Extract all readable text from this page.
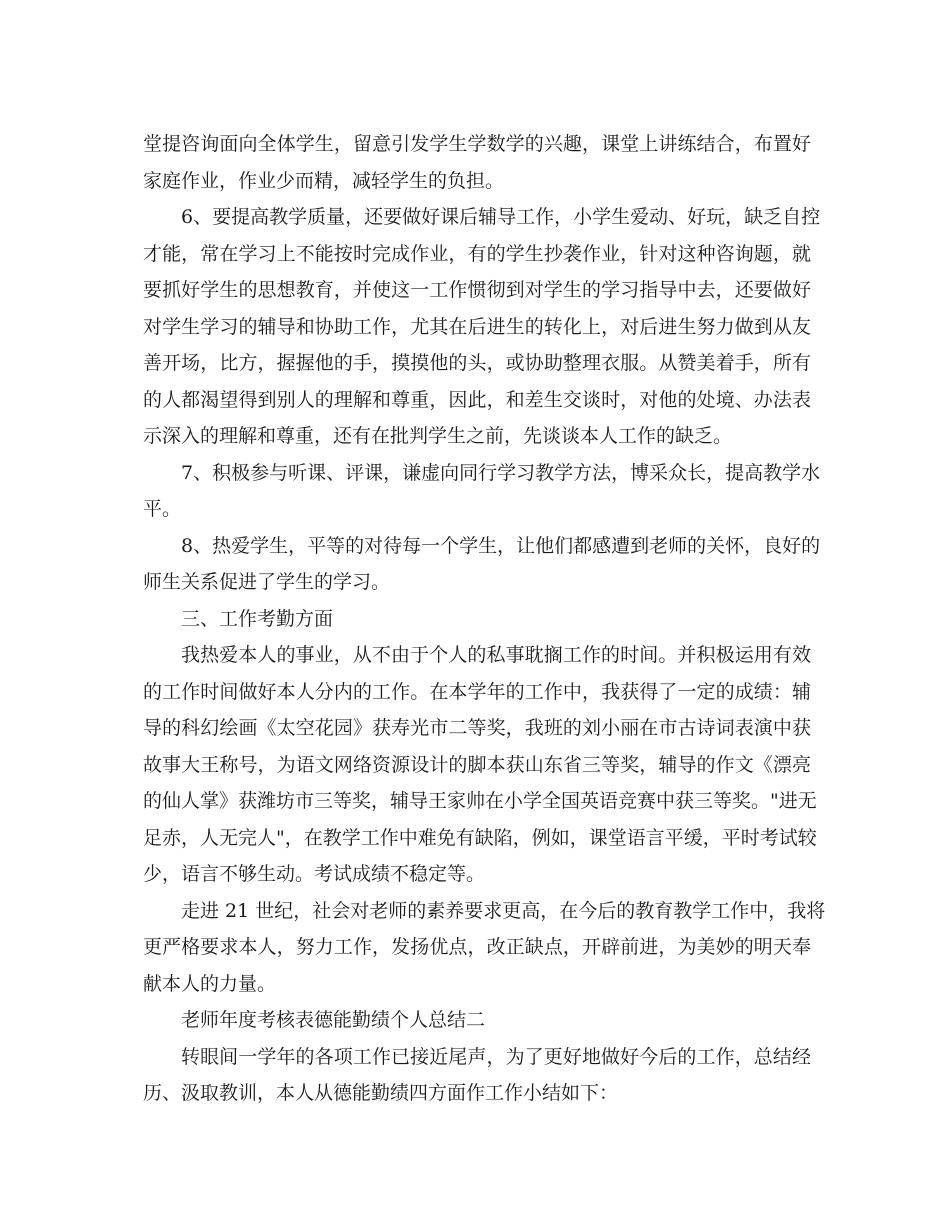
堂提咨询面向全体学生，留意引发学生学数学的兴趣，课堂上讲练结合，布置好
家庭作业，作业少而精，减轻学生的负担。
6、要提高教学质量，还要做好课后辅导工作，小学生爱动、好玩，缺乏自控
才能，常在学习上不能按时完成作业，有的学生抄袭作业，针对这种咨询题，就
要抓好学生的思想教育，并使这一工作惯彻到对学生的学习指导中去，还要做好
对学生学习的辅导和协助工作，尤其在后进生的转化上，对后进生努力做到从友
善开场，比方，握握他的手，摸摸他的头，或协助整理衣服。从赞美着手，所有
的人都渴望得到别人的理解和尊重，因此，和差生交谈时，对他的处境、办法表
示深入的理解和尊重，还有在批判学生之前，先谈谈本人工作的缺乏。
7、积极参与听课、评课，谦虚向同行学习教学方法，博采众长，提高教学水
平。
8、热爱学生，平等的对待每一个学生，让他们都感遭到老师的关怀，良好的
师生关系促进了学生的学习。
三、工作考勤方面
我热爱本人的事业，从不由于个人的私事耽搁工作的时间。并积极运用有效
的工作时间做好本人分内的工作。在本学年的工作中，我获得了一定的成绩：辅
导的科幻绘画《太空花园》获寿光市二等奖，我班的刘小丽在市古诗词表演中获
故事大王称号，为语文网络资源设计的脚本获山东省三等奖，辅导的作文《漂亮
的仙人掌》获潍坊市三等奖，辅导王家帅在小学全国英语竞赛中获三等奖。"进无
足赤，人无完人"，在教学工作中难免有缺陷，例如，课堂语言平缓，平时考试较
少，语言不够生动。考试成绩不稳定等。
走进 21 世纪，社会对老师的素养要求更高，在今后的教育教学工作中，我将
更严格要求本人，努力工作，发扬优点，改正缺点，开辟前进，为美妙的明天奉
献本人的力量。
老师年度考核表德能勤绩个人总结二
转眼间一学年的各项工作已接近尾声，为了更好地做好今后的工作，总结经
历、汲取教训，本人从德能勤绩四方面作工作小结如下：
